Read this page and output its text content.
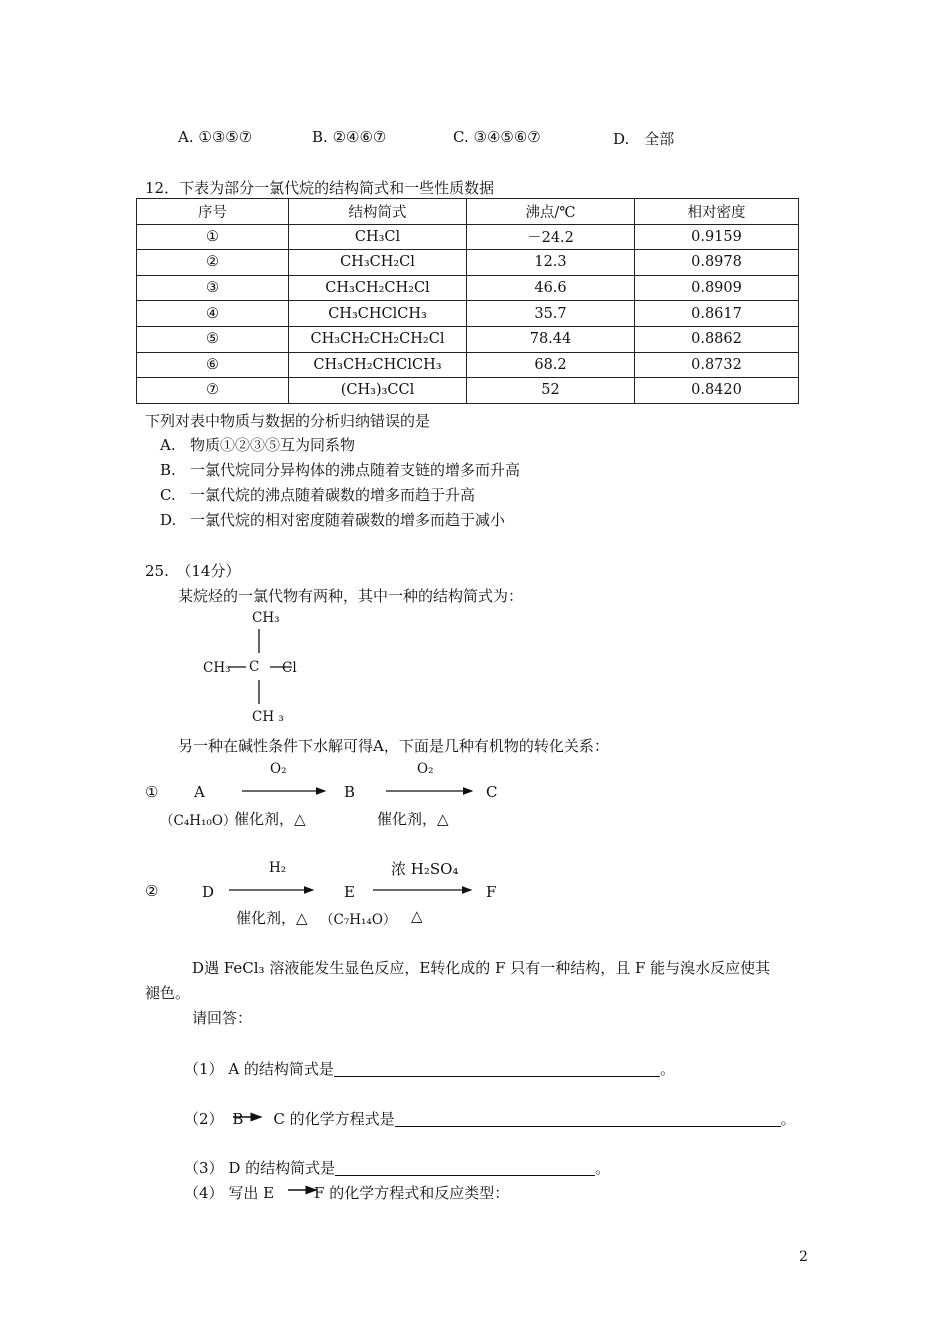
A. ①③⑤⑦	B. ②④⑥⑦	C. ③④⑤⑥⑦	D.　 全部
12．下表为部分一氯代烷的结构简式和一些性质数据
序号	结构简式	沸点/℃	相对密度
①	CH₃Cl	－24.2	0.9159
②	CH₃CH₂Cl	12.3	0.8978
③	CH₃CH₂CH₂Cl	46.6	0.8909
④	CH₃CHClCH₃	35.7	0.8617
⑤	CH₃CH₂CH₂CH₂Cl	78.44	0.8862
⑥	CH₃CH₂CHClCH₃	68.2	0.8732
⑦	(CH₃)₃CCl	52	0.8420
下列对表中物质与数据的分析归纳错误的是
A. 物质①②③⑤互为同系物
B. 一氯代烷同分异构体的沸点随着支链的增多而升高
C. 一氯代烷的沸点随着碳数的增多而趋于升高
D. 一氯代烷的相对密度随着碳数的增多而趋于减小
25.　（14分）
某烷烃的一氯代物有两种，其中一种的结构简式为：
CH₃
CH₃ C Cl
CH ₃
另一种在碱性条件下水解可得A，下面是几种有机物的转化关系：
① A
O₂
B
O₂
C
（C₄H₁₀O）
催化剂，△	催化剂，△
②	D
H₂
E
浓 H₂SO₄
F
催化剂，△ （C₇H₁₄O） △
D遇 FeCl₃ 溶液能发生显色反应，E转化成的 F 只有一种结构，且 F 能与溴水反应使其
褪色。
请回答：
（1） A 的结构简式是	。
（2） B C 的化学方程式是	。
（3） D 的结构简式是	。
（4） 写出 E	F 的化学方程式和反应类型：
2
